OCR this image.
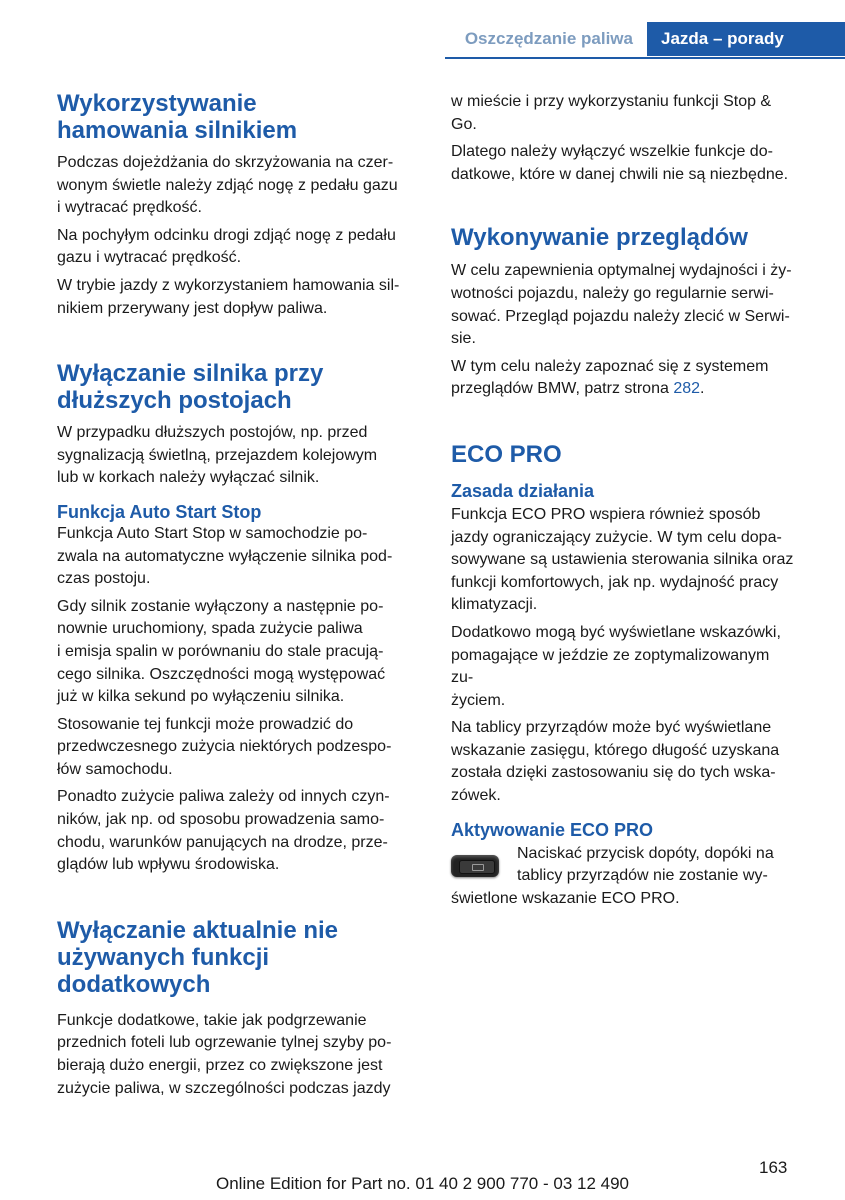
Oszczędzanie paliwa	Jazda – porady
Wykorzystywanie
hamowania silnikiem

Podczas dojeżdżania do skrzyżowania na czer-
wonym świetle należy zdjąć nogę z pedału gazu
i wytracać prędkość.

Na pochyłym odcinku drogi zdjąć nogę z pedału
gazu i wytracać prędkość.

W trybie jazdy z wykorzystaniem hamowania sil-
nikiem przerywany jest dopływ paliwa.

Wyłączanie silnika przy
dłuższych postojach

W przypadku dłuższych postojów, np. przed
sygnalizacją świetlną, przejazdem kolejowym
lub w korkach należy wyłączać silnik.

Funkcja Auto Start Stop

Funkcja Auto Start Stop w samochodzie po-
zwala na automatyczne wyłączenie silnika pod-
czas postoju.

Gdy silnik zostanie wyłączony a następnie po-
nownie uruchomiony, spada zużycie paliwa
i emisja spalin w porównaniu do stale pracują-
cego silnika. Oszczędności mogą występować
już w kilka sekund po wyłączeniu silnika.

Stosowanie tej funkcji może prowadzić do
przedwczesnego zużycia niektórych podzespo-
łów samochodu.

Ponadto zużycie paliwa zależy od innych czyn-
ników, jak np. od sposobu prowadzenia samo-
chodu, warunków panujących na drodze, prze-
glądów lub wpływu środowiska.

Wyłączanie aktualnie nie
używanych funkcji
dodatkowych

Funkcje dodatkowe, takie jak podgrzewanie
przednich foteli lub ogrzewanie tylnej szyby po-
bierają dużo energii, przez co zwiększone jest
zużycie paliwa, w szczególności podczas jazdy

w mieście i przy wykorzystaniu funkcji Stop &
Go.

Dlatego należy wyłączyć wszelkie funkcje do-
datkowe, które w danej chwili nie są niezbędne.

Wykonywanie przeglądów

W celu zapewnienia optymalnej wydajności i ży-
wotności pojazdu, należy go regularnie serwi-
sować. Przegląd pojazdu należy zlecić w Serwi-
sie.

W tym celu należy zapoznać się z systemem
przeglądów BMW, patrz strona 282.

ECO PRO
Zasada działania

Funkcja ECO PRO wspiera również sposób
jazdy ograniczający zużycie. W tym celu dopa-
sowywane są ustawienia sterowania silnika oraz
funkcji komfortowych, jak np. wydajność pracy
klimatyzacji.

Dodatkowo mogą być wyświetlane wskazówki,
pomagające w jeździe ze zoptymalizowanym zu-
życiem.

Na tablicy przyrządów może być wyświetlane
wskazanie zasięgu, którego długość uzyskana
została dzięki zastosowaniu się do tych wska-
zówek.

Aktywowanie ECO PRO

Naciskać przycisk dopóty, dopóki na
tablicy przyrządów nie zostanie wy-

świetlone wskazanie ECO PRO.

163
Online Edition for Part no. 01 40 2 900 770 - 03 12 490
